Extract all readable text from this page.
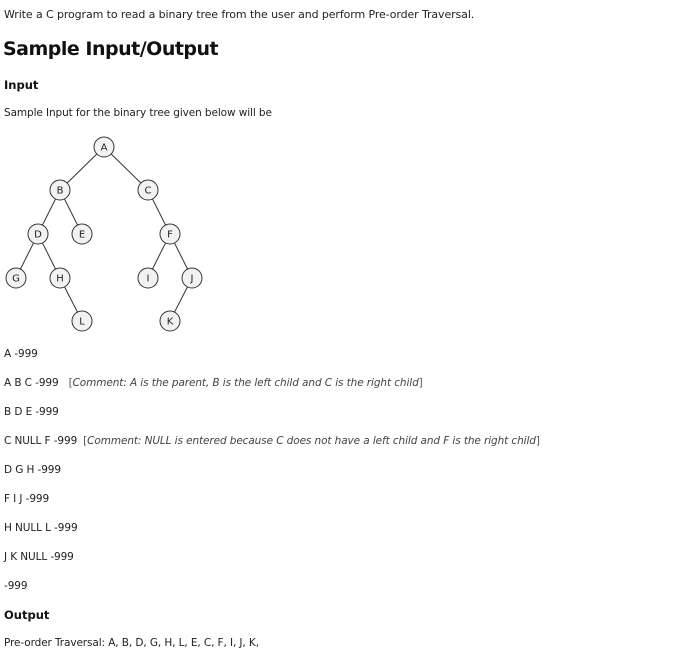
Write a C program to read a binary tree from the user and perform Pre-order Traversal.
Sample Input/Output
Input
Sample Input for the binary tree given below will be
A
B	C
D	E	F
G	H	I	J
L	K
A -999
A B C -999 [Comment: A is the parent, B is the left child and C is the right child]
B D E -999
C NULL F -999 [Comment: NULL is entered because C does not have a left child and F is the right child]
D G H -999
F I J -999
H NULL L -999
J K NULL -999
-999
Output
Pre-order Traversal: A, B, D, G, H, L, E, C, F, I, J, K,
